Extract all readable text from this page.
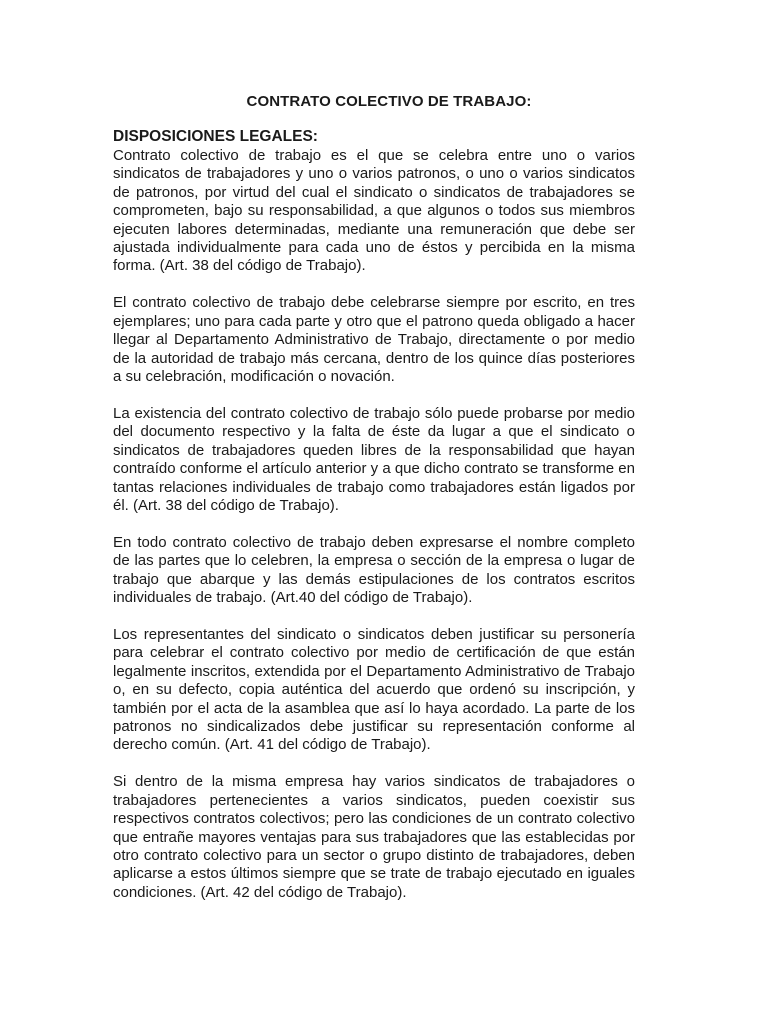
CONTRATO COLECTIVO DE TRABAJO:
DISPOSICIONES LEGALES:

Contrato colectivo de trabajo es el que se celebra entre uno o varios sindicatos de trabajadores y uno o varios patronos, o uno o varios sindicatos de patronos, por virtud del cual el sindicato o sindicatos de trabajadores se comprometen, bajo su responsabilidad, a que algunos o todos sus miembros ejecuten labores determinadas, mediante una remuneración que debe ser ajustada individualmente para cada uno de éstos y percibida en la misma forma. (Art. 38 del código de Trabajo).

El contrato colectivo de trabajo debe celebrarse siempre por escrito, en tres ejemplares; uno para cada parte y otro que el patrono queda obligado a hacer llegar al Departamento Administrativo de Trabajo, directamente o por medio de la autoridad de trabajo más cercana, dentro de los quince días posteriores a su celebración, modificación o novación.

La existencia del contrato colectivo de trabajo sólo puede probarse por medio del documento respectivo y la falta de éste da lugar a que el sindicato o sindicatos de trabajadores queden libres de la responsabilidad que hayan contraído conforme el artículo anterior y a que dicho contrato se transforme en tantas relaciones individuales de trabajo como trabajadores están ligados por él. (Art. 38 del código de Trabajo).

En todo contrato colectivo de trabajo deben expresarse el nombre completo de las partes que lo celebren, la empresa o sección de la empresa o lugar de trabajo que abarque y las demás estipulaciones de los contratos escritos individuales de trabajo. (Art.40 del código de Trabajo).

Los representantes del sindicato o sindicatos deben justificar su personería para celebrar el contrato colectivo por medio de certificación de que están legalmente inscritos, extendida por el Departamento Administrativo de Trabajo o, en su defecto, copia auténtica del acuerdo que ordenó su inscripción, y también por el acta de la asamblea que así lo haya acordado. La parte de los patronos no sindicalizados debe justificar su representación conforme al derecho común. (Art. 41 del código de Trabajo).

Si dentro de la misma empresa hay varios sindicatos de trabajadores o trabajadores pertenecientes a varios sindicatos, pueden coexistir sus respectivos contratos colectivos; pero las condiciones de un contrato colectivo que entrañe mayores ventajas para sus trabajadores que las establecidas por otro contrato colectivo para un sector o grupo distinto de trabajadores, deben aplicarse a estos últimos siempre que se trate de trabajo ejecutado en iguales condiciones. (Art. 42 del código de Trabajo).
